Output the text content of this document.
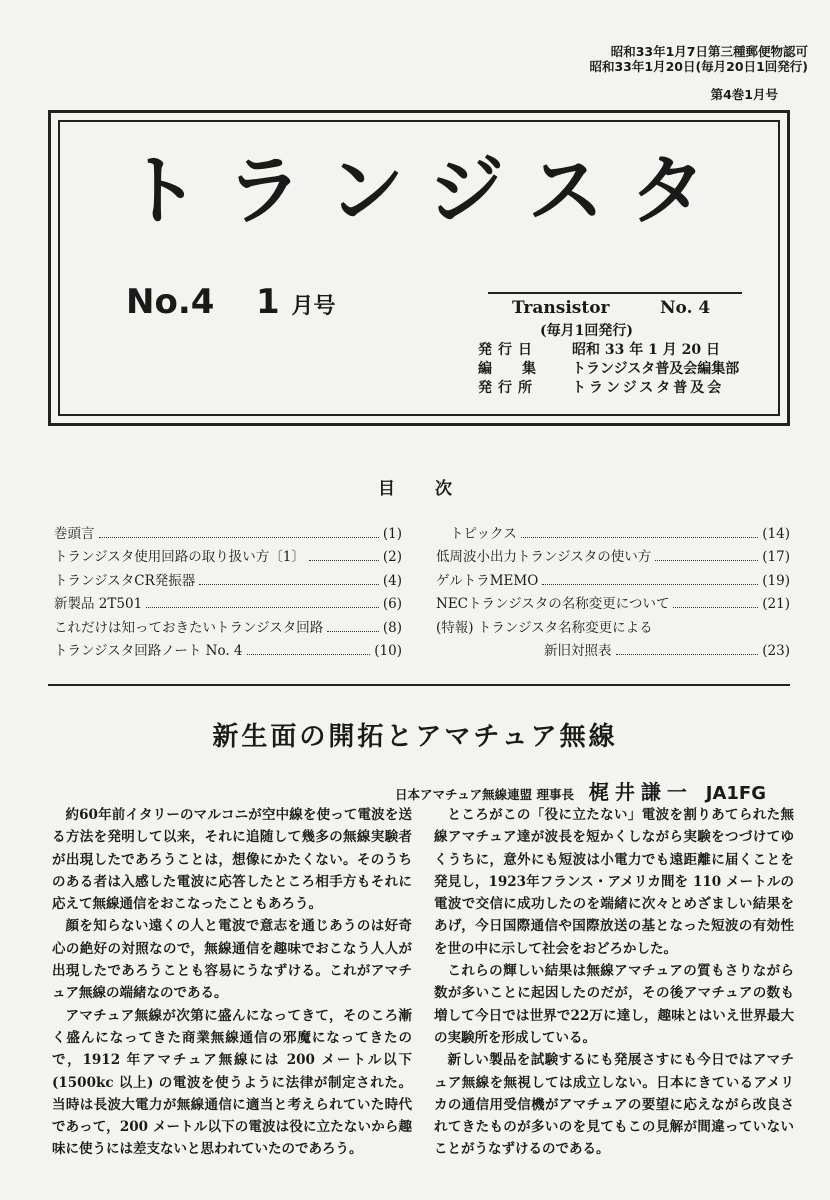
昭和33年1月7日第三種郵便物認可
昭和33年1月20日(毎月20日1回発行)
第4巻1月号
トランジスタ
No.4 1 月号	Transistor	No. 4
(毎月1回発行)
発行日 昭和 33 年 1 月 20 日
編集 トランジスタ普及会編集部
発行所 トランジスタ普及会
目次
巻頭言	(1)
トランジスタ使用回路の取り扱い方〔1〕	(2)
トランジスタCR発振器	(4)
新製品 2T501	(6)
これだけは知っておきたいトランジスタ回路	(8)
トランジスタ回路ノート No. 4	(10)
トピックス	(14)
低周波小出力トランジスタの使い方	(17)
ゲルトラMEMO	(19)
NECトランジスタの名称変更について	(21)
(特報) トランジスタ名称変更による
新旧対照表	(23)
新生面の開拓とアマチュア無線
日本アマチュア無線連盟 理事長 梶井謙一 JA1FG

約60年前イタリーのマルコニが空中線を使って電波を送る方法を発明して以来，それに追随して幾多の無線実験者が出現したであろうことは，想像にかたくない。そのうちのある者は入感した電波に応答したところ相手方もそれに応えて無線通信をおこなったこともあろう。

顔を知らない遠くの人と電波で意志を通じあうのは好奇心の絶好の対照なので，無線通信を趣味でおこなう人人が出現したであろうことも容易にうなずける。これがアマチュア無線の端緒なのである。

アマチュア無線が次第に盛んになってきて，そのころ漸く盛んになってきた商業無線通信の邪魔になってきたので，1912 年アマチュア無線には 200 メートル以下(1500kc 以上) の電波を使うように法律が制定された。当時は長波大電力が無線通信に適当と考えられていた時代であって，200 メートル以下の電波は役に立たないから趣味に使うには差支ないと思われていたのであろう。

ところがこの「役に立たない」電波を割りあてられた無線アマチュア達が波長を短かくしながら実験をつづけてゆくうちに，意外にも短波は小電力でも遠距離に届くことを発見し，1923年フランス・アメリカ間を 110 メートルの電波で交信に成功したのを端緒に次々とめざましい結果をあげ，今日国際通信や国際放送の基となった短波の有効性を世の中に示して社会をおどろかした。

これらの輝しい結果は無線アマチュアの質もさりながら数が多いことに起因したのだが，その後アマチュアの数も増して今日では世界で22万に達し，趣味とはいえ世界最大の実験所を形成している。

新しい製品を試験するにも発展さすにも今日ではアマチュア無線を無視しては成立しない。日本にきているアメリカの通信用受信機がアマチュアの要望に応えながら改良されてきたものが多いのを見てもこの見解が間違っていないことがうなずけるのである。
